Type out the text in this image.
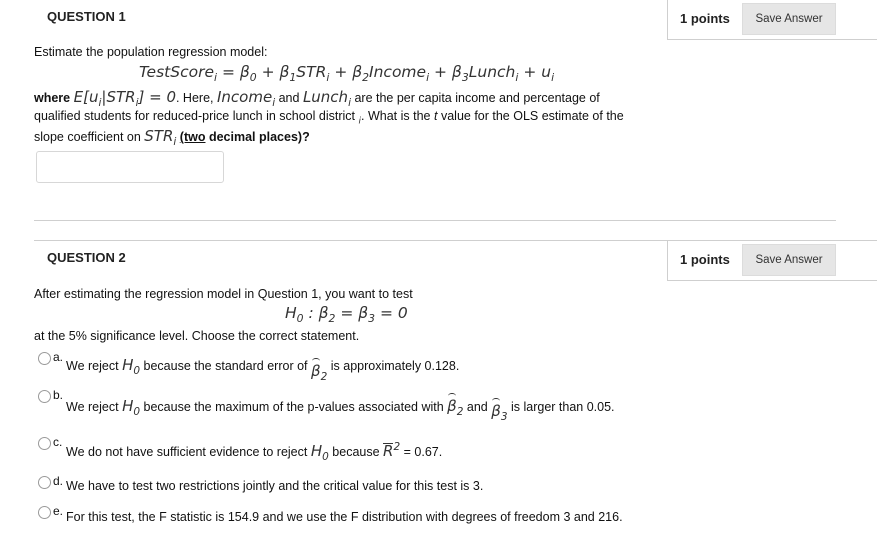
QUESTION 1	1 points	Save Answer
Estimate the population regression model:
TestScore$_i$ = $\beta_0 + \beta_1STR_i$ + $\beta_2Income_i$ + $\beta_3Lunch_i + u_i$
where $E[u_i|STR_i] = 0$. Here, Income$_i$ and Lunch$_i$ are the per capita income and percentage of
qualified students for reduced-price lunch in school district $_i$. What is the t value for the OLS estimate of the
slope coefficient on $STR_i$ (two decimal places)?
QUESTION 2	1 points	Save Answer
After estimating the regression model in Question 1, you want to test
$H_0$ : $\beta_2 = \beta_3 = 0$
at the 5% significance level. Choose the correct statement.
a.
We reject $H_0$ because the standard error of $\beta_2$ is approximately 0.128.
b.
We reject $H_0$ because the maximum of the p-values associated with $\beta_2$ and $\beta_3$ is larger than 0.05.
c.
We do not have sufficient evidence to reject $H_0$ because $R^2 = 0.67$.
d. We have to test two restrictions jointly and the critical value for this test is 3.
e. For this test, the F statistic is 154.9 and we use the F distribution with degrees of freedom 3 and 216.
